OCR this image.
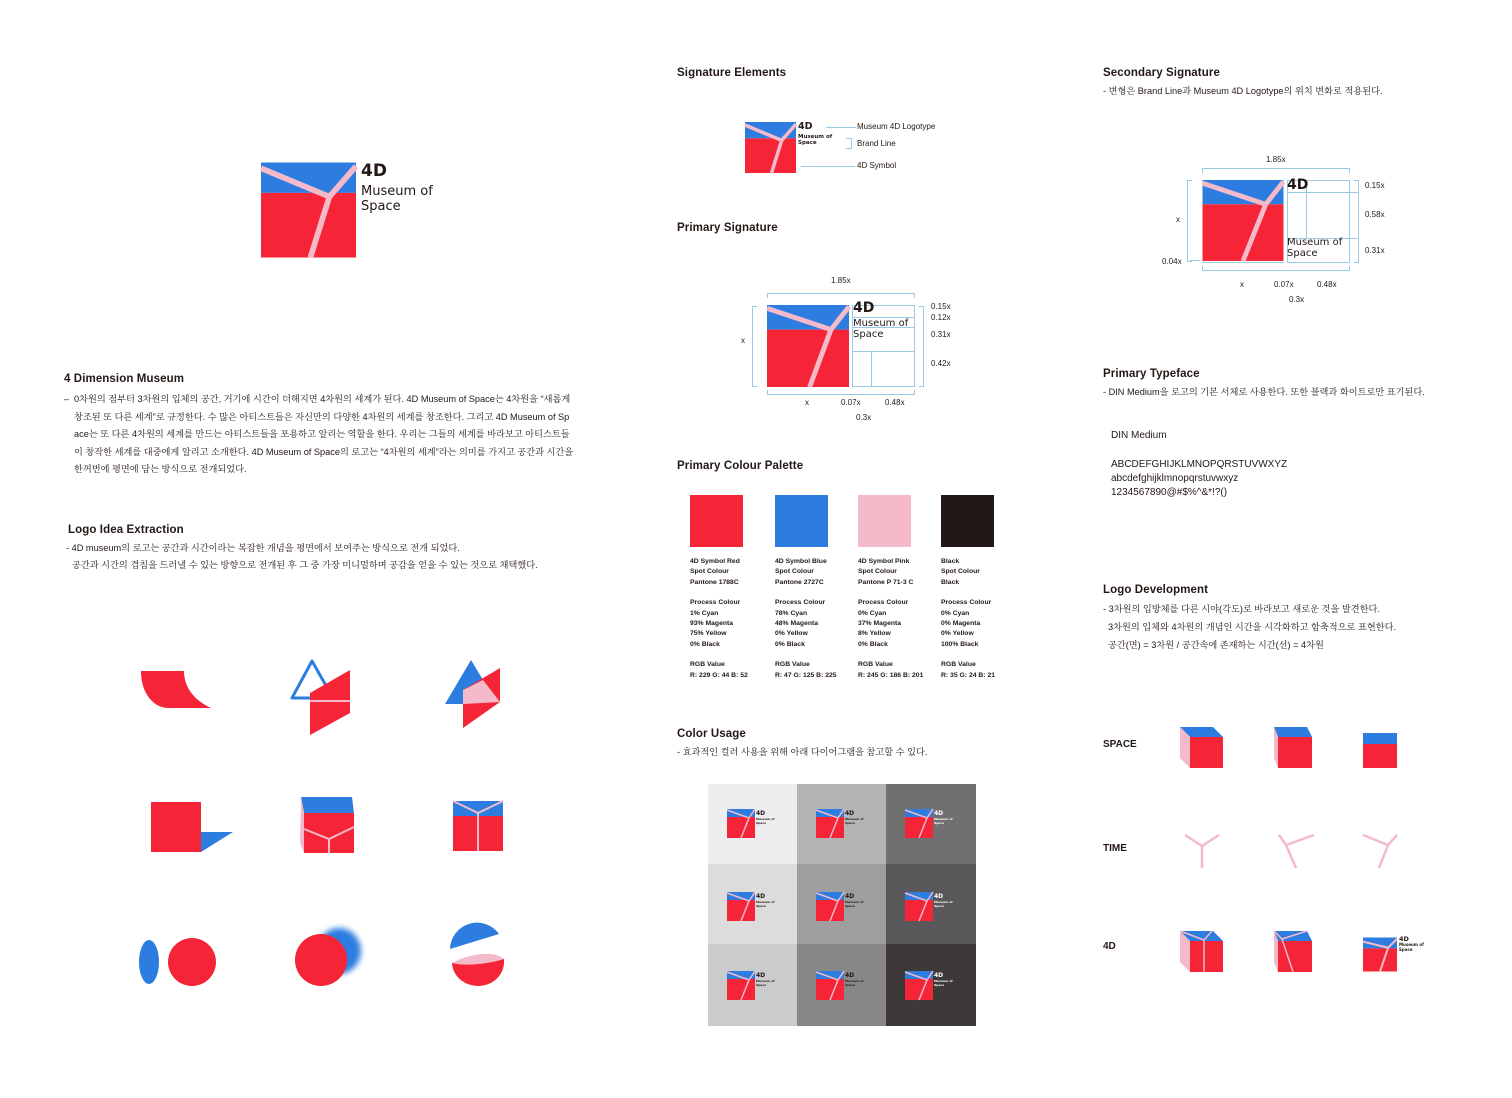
4D
Museum of
Space
4 Dimension Museum
– 0차원의 점부터 3차원의 입체의 공간, 거기에 시간이 더해지면 4차원의 세계가 된다. 4D Museum of Space는 4차원을 “새롭게
창조된 또 다른 세계”로 규정한다. 수 많은 아티스트들은 자신만의 다양한 4차원의 세계를 창조한다. 그리고 4D Museum of Sp
ace는 또 다른 4차원의 세계를 만드는 아티스트들을 포용하고 알리는 역할을 한다. 우리는 그들의 세계를 바라보고 아티스트들
이 창작한 세계를 대중에게 알리고 소개한다. 4D Museum of Space의 로고는 “4차원의 세계”라는 의미를 가지고 공간과 시간을
한꺼번에 평면에 담는 방식으로 전개되었다.
Logo Idea Extraction
- 4D museum의 로고는 공간과 시간이라는 복잡한 개념을 평면에서 보여주는 방식으로 전개 되었다.
공간과 시간의 겹침을 드러낼 수 있는 방향으로 전개된 후 그 중 가장 미니멀하며 공감을 얻을 수 있는 것으로 채택했다.
Signature Elements
4D
Museum of
Space
Museum 4D Logotype
Brand Line
4D Symbol
Primary Signature
1.85x
x
4D
Museum of
Space
0.15x
0.12x
0.31x
0.42x
x	0.07x	0.48x
0.3x
Primary Colour Palette
4D Symbol Red
Spot Colour
Pantone 1788C
Process Colour
1% Cyan
93% Magenta
75% Yellow
0% Black
RGB Value
R: 229 G: 44 B: 52
4D Symbol Blue
Spot Colour
Pantone 2727C
Process Colour
78% Cyan
48% Magenta
0% Yellow
0% Black
RGB Value
R: 47 G: 125 B: 225
4D Symbol Pink
Spot Colour
Pantone P 71-3 C
Process Colour
0% Cyan
37% Magenta
8% Yellow
0% Black
RGB Value
R: 245 G: 186 B: 201
Black
Spot Colour
Black
Process Colour
0% Cyan
0% Magenta
0% Yellow
100% Black
RGB Value
R: 35 G: 24 B: 21
Color Usage
- 효과적인 컬러 사용을 위해 아래 다이어그램을 참고할 수 있다.
4D
Museum of
Space
4D
Museum of
Space
4D
Museum of
Space
4D
Museum of
Space
4D
Museum of
Space
4D
Museum of
Space
4D
Museum of
Space
4D
Museum of
Space
4D
Museum of
Space
Secondary Signature
- 변형은 Brand Line과 Museum 4D Logotype의 위치 변화로 적용된다.
1.85x
x
0.04x
4D
Museum of
Space
0.15x
0.58x
0.31x
x	0.07x	0.48x
0.3x
Primary Typeface
- DIN Medium을 로고의 기본 서체로 사용한다. 또한 블랙과 화이트로만 표기된다.
DIN Medium
ABCDEFGHIJKLMNOPQRSTUVWXYZ
abcdefghijklmnopqrstuvwxyz
1234567890@#$%^&*!?()
Logo Development
- 3차원의 입방체를 다른 시야(각도)로 바라보고 새로운 것을 발견한다.
3차원의 입체와 4차원의 개념인 시간을 시각화하고 함축적으로 표현한다.
공간(면) = 3차원 / 공간속에 존재하는 시간(선) = 4차원
SPACE
TIME
4D
4D
Museum of
Space
